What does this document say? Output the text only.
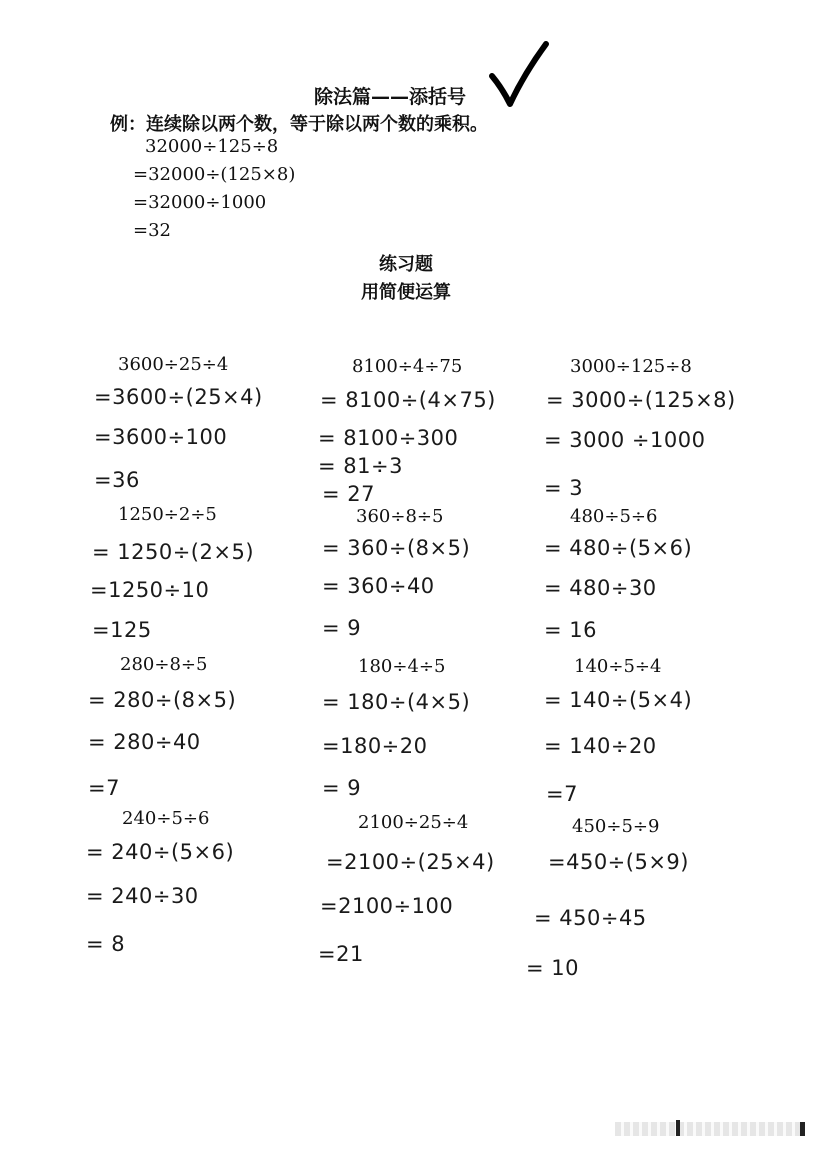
除法篇——添括号
例：连续除以两个数，等于除以两个数的乘积。
32000÷125÷8
=32000÷(125×8)
=32000÷1000
=32
练习题
用简便运算
3600÷25÷4
=3600÷(25×4)
=3600÷100
=36
8100÷4÷75
= 8100÷(4×75)
= 8100÷300
= 81÷3
= 27
3000÷125÷8
= 3000÷(125×8)
= 3000 ÷1000
= 3
1250÷2÷5
= 1250÷(2×5)
=1250÷10
=125
360÷8÷5
= 360÷(8×5)
= 360÷40
= 9
480÷5÷6
= 480÷(5×6)
= 480÷30
= 16
280÷8÷5
= 280÷(8×5)
= 280÷40
=7
180÷4÷5
= 180÷(4×5)
=180÷20
= 9
140÷5÷4
= 140÷(5×4)
= 140÷20
=7
240÷5÷6
= 240÷(5×6)
= 240÷30
= 8
2100÷25÷4
=2100÷(25×4)
=2100÷100
=21
450÷5÷9
=450÷(5×9)
= 450÷45
= 10
